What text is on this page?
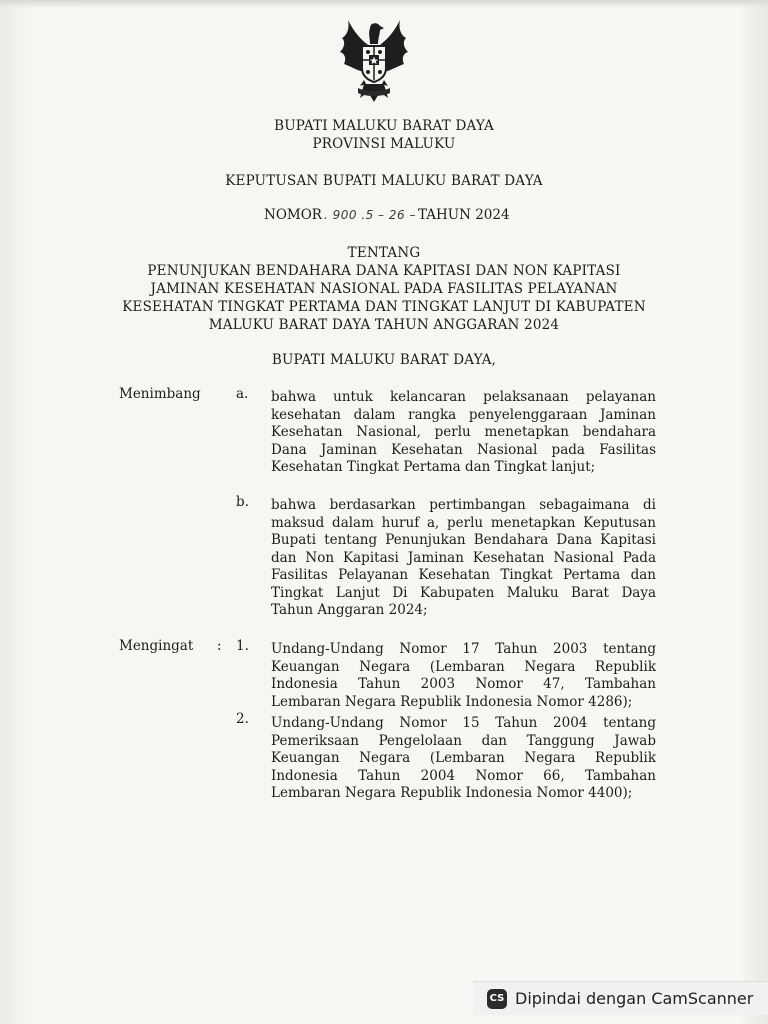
BUPATI MALUKU BARAT DAYA
PROVINSI MALUKU
KEPUTUSAN BUPATI MALUKU BARAT DAYA
NOMOR . 900 .5 – 26 – TAHUN 2024
TENTANG
PENUNJUKAN BENDAHARA DANA KAPITASI DAN NON KAPITASI
JAMINAN KESEHATAN NASIONAL PADA FASILITAS PELAYANAN
KESEHATAN TINGKAT PERTAMA DAN TINGKAT LANJUT DI KABUPATEN
MALUKU BARAT DAYA TAHUN ANGGARAN 2024
BUPATI MALUKU BARAT DAYA,
Menimbang	a. bahwa untuk kelancaran pelaksanaan pelayanan
kesehatan dalam rangka penyelenggaraan Jaminan
Kesehatan Nasional, perlu menetapkan bendahara
Dana Jaminan Kesehatan Nasional pada Fasilitas
Kesehatan Tingkat Pertama dan Tingkat lanjut;
b. bahwa berdasarkan pertimbangan sebagaimana di
maksud dalam huruf a, perlu menetapkan Keputusan
Bupati tentang Penunjukan Bendahara Dana Kapitasi
dan Non Kapitasi Jaminan Kesehatan Nasional Pada
Fasilitas Pelayanan Kesehatan Tingkat Pertama dan
Tingkat Lanjut Di Kabupaten Maluku Barat Daya
Tahun Anggaran 2024;
Mengingat : 1. Undang-Undang Nomor 17 Tahun 2003 tentang
Keuangan Negara (Lembaran Negara Republik
Indonesia Tahun 2003 Nomor 47, Tambahan
Lembaran Negara Republik Indonesia Nomor 4286);
2. Undang-Undang Nomor 15 Tahun 2004 tentang
Pemeriksaan Pengelolaan dan Tanggung Jawab
Keuangan Negara (Lembaran Negara Republik
Indonesia Tahun 2004 Nomor 66, Tambahan
Lembaran Negara Republik Indonesia Nomor 4400);
CS Dipindai dengan CamScanner
